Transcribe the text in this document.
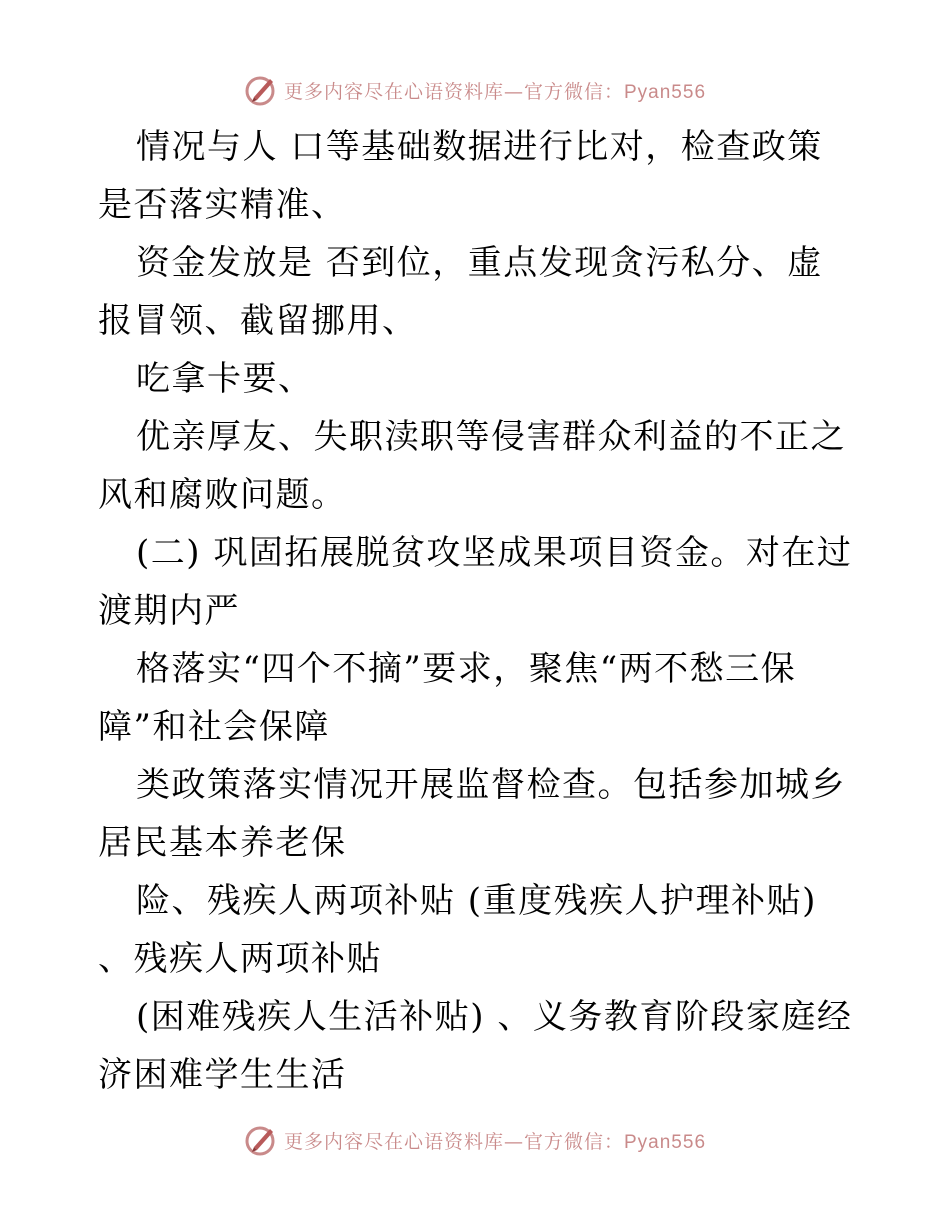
更多内容尽在心语资料库—官方微信：Pyan556

情况与人 口等基础数据进行比对，检查政策是否落实精准、

资金发放是 否到位，重点发现贪污私分、虚报冒领、截留挪用、

吃拿卡要、

优亲厚友、失职渎职等侵害群众利益的不正之风和腐败问题。

(二) 巩固拓展脱贫攻坚成果项目资金。对在过渡期内严

格落实“四个不摘”要求，聚焦“两不愁三保障”和社会保障

类政策落实情况开展监督检查。包括参加城乡居民基本养老保

险、残疾人两项补贴 (重度残疾人护理补贴) 、残疾人两项补贴

(困难残疾人生活补贴) 、义务教育阶段家庭经济困难学生生活

更多内容尽在心语资料库—官方微信：Pyan556
